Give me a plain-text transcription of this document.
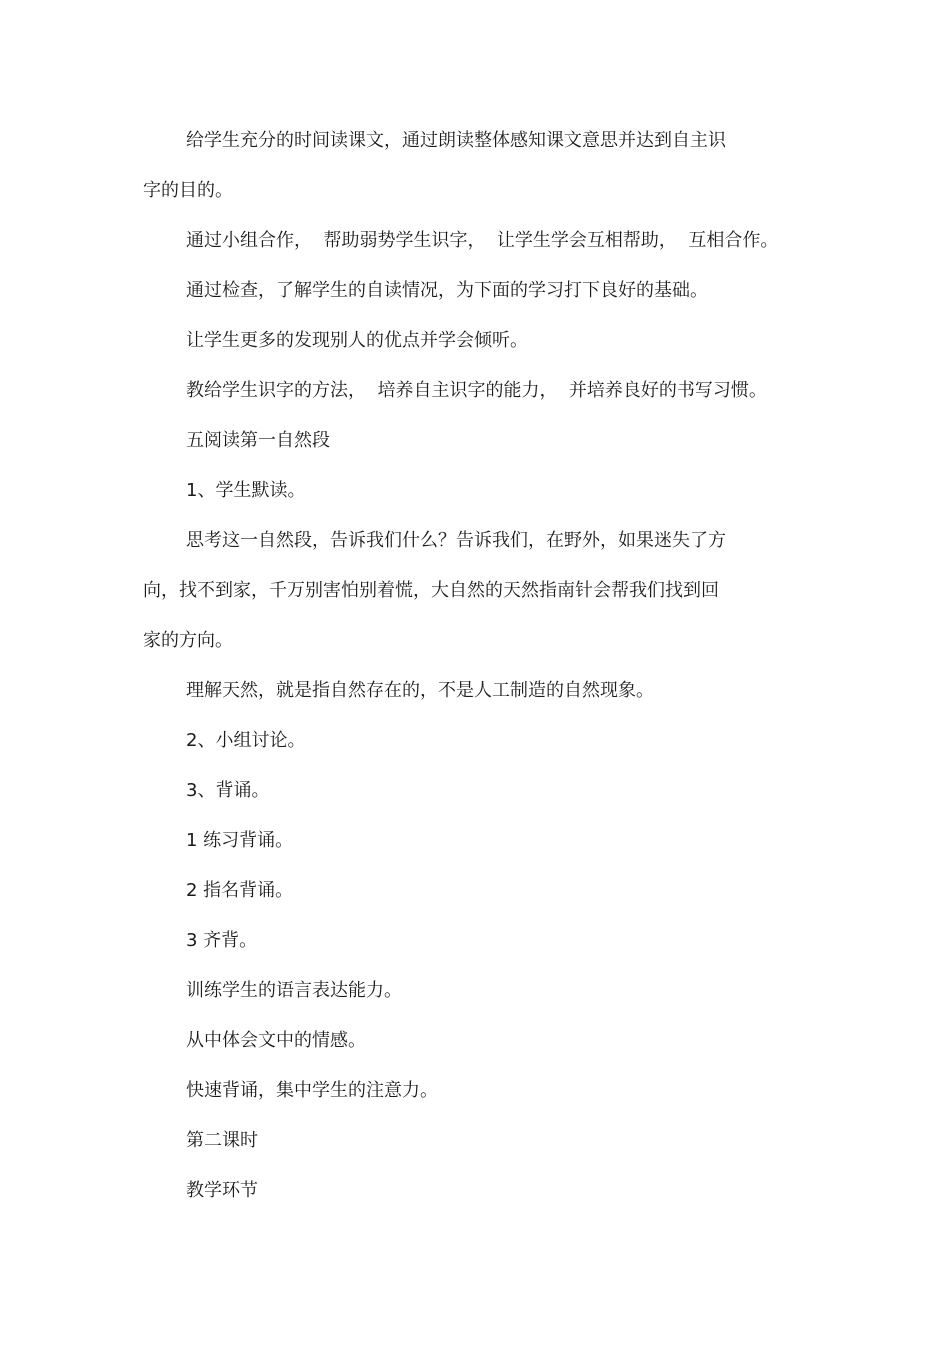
给学生充分的时间读课文，通过朗读整体感知课文意思并达到自主识

字的目的。

通过小组合作，  帮助弱势学生识字，  让学生学会互相帮助，  互相合作。

通过检查，了解学生的自读情况，为下面的学习打下良好的基础。

让学生更多的发现别人的优点并学会倾听。

教给学生识字的方法，  培养自主识字的能力，  并培养良好的书写习惯。

五阅读第一自然段

1、学生默读。

思考这一自然段，告诉我们什么？告诉我们，在野外，如果迷失了方

向，找不到家，千万别害怕别着慌，大自然的天然指南针会帮我们找到回

家的方向。

理解天然，就是指自然存在的，不是人工制造的自然现象。

2、小组讨论。

3、背诵。

1 练习背诵。

2 指名背诵。

3 齐背。

训练学生的语言表达能力。

从中体会文中的情感。

快速背诵，集中学生的注意力。

第二课时

教学环节
